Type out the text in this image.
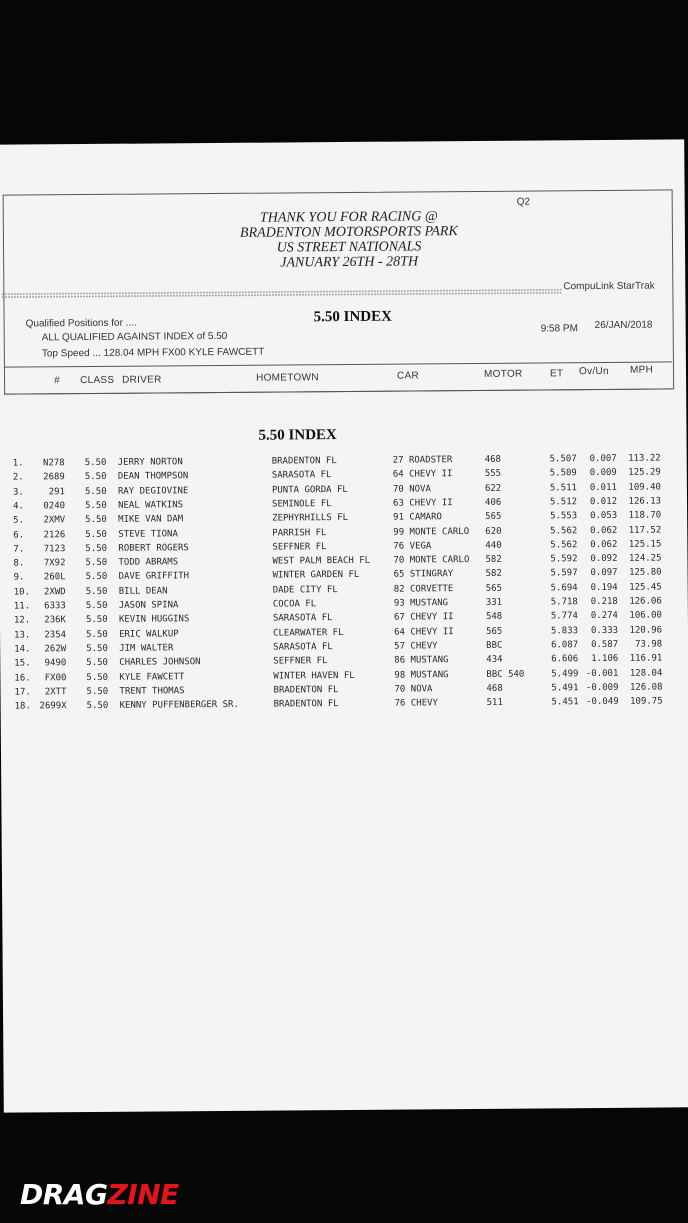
Q2
THANK YOU FOR RACING @
BRADENTON MOTORSPORTS PARK
US STREET NATIONALS
JANUARY 26TH - 28TH
CompuLink StarTrak
Qualified Positions for ....	5.50 INDEX
ALL QUALIFIED AGAINST INDEX of 5.50
Top Speed ... 128.04 MPH FX00 KYLE FAWCETT
9:58 PM 26/JAN/2018
# CLASS DRIVER	HOMETOWN	CAR	MOTOR	ET Ov/Un MPH
5.50 INDEX
1.	N278 5.50 JERRY NORTON	BRADENTON FL	27 ROADSTER	468	5.507	0.007	113.22
2.	2689 5.50 DEAN THOMPSON	SARASOTA FL	64 CHEVY II	555	5.509	0.009	125.29
3.	291 5.50 RAY DEGIOVINE	PUNTA GORDA FL	70 NOVA	622	5.511	0.011	109.40
4.	0240 5.50 NEAL WATKINS	SEMINOLE FL	63 CHEVY II	406	5.512	0.012	126.13
5.	2XMV 5.50 MIKE VAN DAM	ZEPHYRHILLS FL	91 CAMARO	565	5.553	0.053	118.70
6.	2126 5.50 STEVE TIONA	PARRISH FL	99 MONTE CARLO 620	5.562	0.062	117.52
7.	7123 5.50 ROBERT ROGERS	SEFFNER FL	76 VEGA	440	5.562	0.062	125.15
8.	7X92 5.50 TODD ABRAMS	WEST PALM BEACH FL	70 MONTE CARLO 582	5.592	0.092	124.25
9.	260L 5.50 DAVE GRIFFITH	WINTER GARDEN FL	65 STINGRAY	582	5.597	0.097	125.80
10.	2XWD 5.50 BILL DEAN	DADE CITY FL	82 CORVETTE	565	5.694	0.194	125.45
11.	6333 5.50 JASON SPINA	COCOA FL	93 MUSTANG	331	5.718	0.218	126.06
12.	236K 5.50 KEVIN HUGGINS	SARASOTA FL	67 CHEVY II	548	5.774	0.274	106.00
13.	2354 5.50 ERIC WALKUP	CLEARWATER FL	64 CHEVY II	565	5.833	0.333	120.96
14.	262W 5.50 JIM WALTER	SARASOTA FL	57 CHEVY	BBC	6.087	0.587	73.98
15.	9490 5.50 CHARLES JOHNSON	SEFFNER FL	86 MUSTANG	434	6.606	1.106	116.91
16.	FX00 5.50 KYLE FAWCETT	WINTER HAVEN FL	98 MUSTANG	BBC 540	5.499 -0.001	128.04
17.	2XTT 5.50 TRENT THOMAS	BRADENTON FL	70 NOVA	468	5.491 -0.009	126.08
18. 2699X 5.50 KENNY PUFFENBERGER SR.	BRADENTON FL	76 CHEVY	511	5.451 -0.049	109.75
DRAGZINE
